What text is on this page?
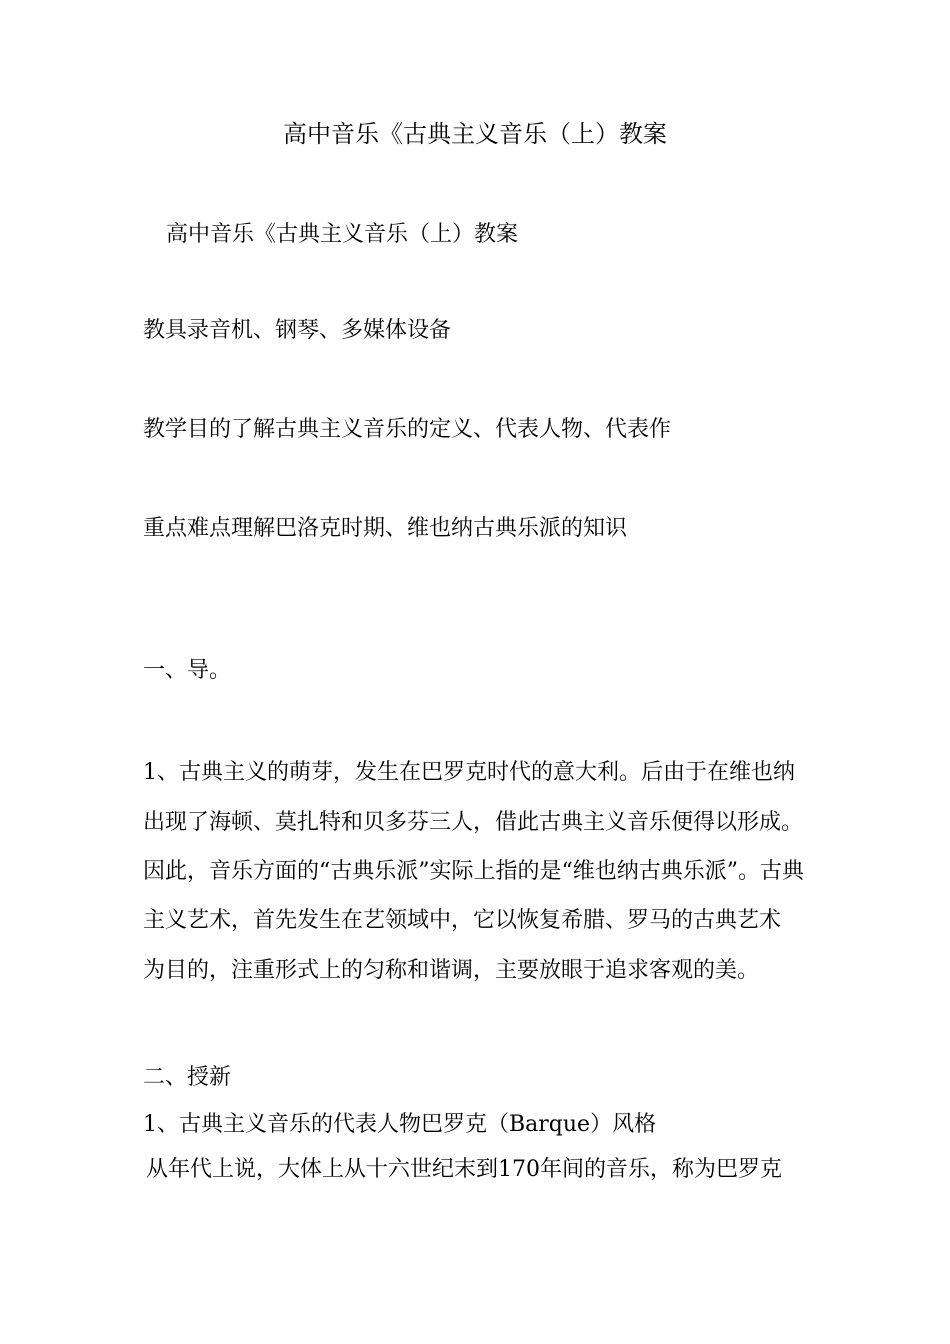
高中音乐《古典主义音乐（上）教案
高中音乐《古典主义音乐（上）教案
教具录音机、钢琴、多媒体设备
教学目的了解古典主义音乐的定义、代表人物、代表作
重点难点理解巴洛克时期、维也纳古典乐派的知识
一、导。
1、古典主义的萌芽，发生在巴罗克时代的意大利。后由于在维也纳
出现了海顿、莫扎特和贝多芬三人，借此古典主义音乐便得以形成。
因此，音乐方面的“古典乐派”实际上指的是“维也纳古典乐派”。古典
主义艺术，首先发生在艺领域中，它以恢复希腊、罗马的古典艺术
为目的，注重形式上的匀称和谐调，主要放眼于追求客观的美。
二、授新
1、古典主义音乐的代表人物巴罗克（Barque）风格
从年代上说，大体上从十六世纪末到170年间的音乐，称为巴罗克
